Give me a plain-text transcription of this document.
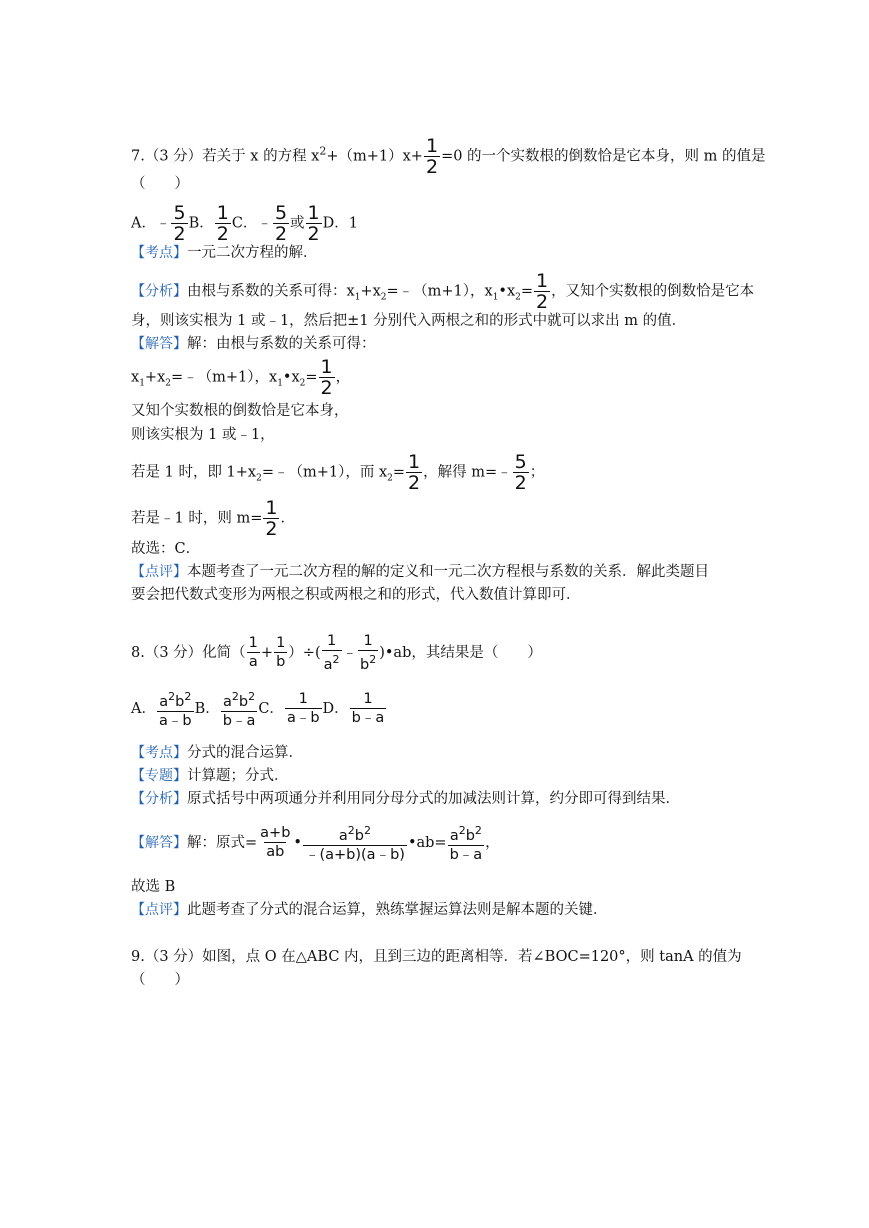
7.（3 分）若关于 x 的方程 $x^2+(m+1)x+ \frac{1}{2} =0$ 的一个实数根的倒数恰是它本身，则 m 的值是
（　　）
A．﹣ $\frac{5}{2}$ B． $\frac{1}{2}$ C．﹣ $\frac{5}{2}$ 或 $\frac{1}{2}$ D．1
【考点】一元二次方程的解．
【分析】由根与系数的关系可得：$x_1+x_2=﹣(m+1)$，$x_1•x_2= \frac{1}{2}$ ，又知个实数根的倒数恰是它本
身，则该实根为 1 或﹣1，然后把±1 分别代入两根之和的形式中就可以求出 m 的值．
【解答】解：由根与系数的关系可得：
$x_1+x_2=﹣(m+1)$，$x_1•x_2= \frac{1}{2}$ ，
又知个实数根的倒数恰是它本身，
则该实根为 1 或﹣1，
若是 1 时，即 $1+x_2=﹣(m+1)$，而 $x_2= \frac{1}{2}$ ，解得 m=﹣ $\frac{5}{2}$ ；
若是﹣1 时，则 $m= \frac{1}{2}$ ．
故选：C．
【点评】本题考查了一元二次方程的解的定义和一元二次方程根与系数的关系．解此类题目
要会把代数式变形为两根之积或两根之和的形式，代入数值计算即可．
8.（3 分）化简（ $\frac{1}{a} + \frac{1}{b}$ ）÷( $\frac{1}{a^2}$ ﹣ $\frac{1}{b^2}$ )•ab，其结果是（　　）
A． $\frac{a^2b^2}{a﹣b}$ B． $\frac{a^2b^2}{b﹣a}$ C． $\frac{1}{a﹣b}$ D． $\frac{1}{b﹣a}$
【考点】分式的混合运算．
【专题】计算题；分式．
【分析】原式括号中两项通分并利用同分母分式的加减法则计算，约分即可得到结果．
【解答】解：原式= $\frac{a+b}{ab}$ • $\frac{a^2b^2}{﹣(a+b)(a﹣b)}$ •ab= $\frac{a^2b^2}{b﹣a}$ ，
故选 B
【点评】此题考查了分式的混合运算，熟练掌握运算法则是解本题的关键．
9.（3 分）如图，点 O 在△ABC 内，且到三边的距离相等．若∠BOC=120°，则 tanA 的值为
（　　）
